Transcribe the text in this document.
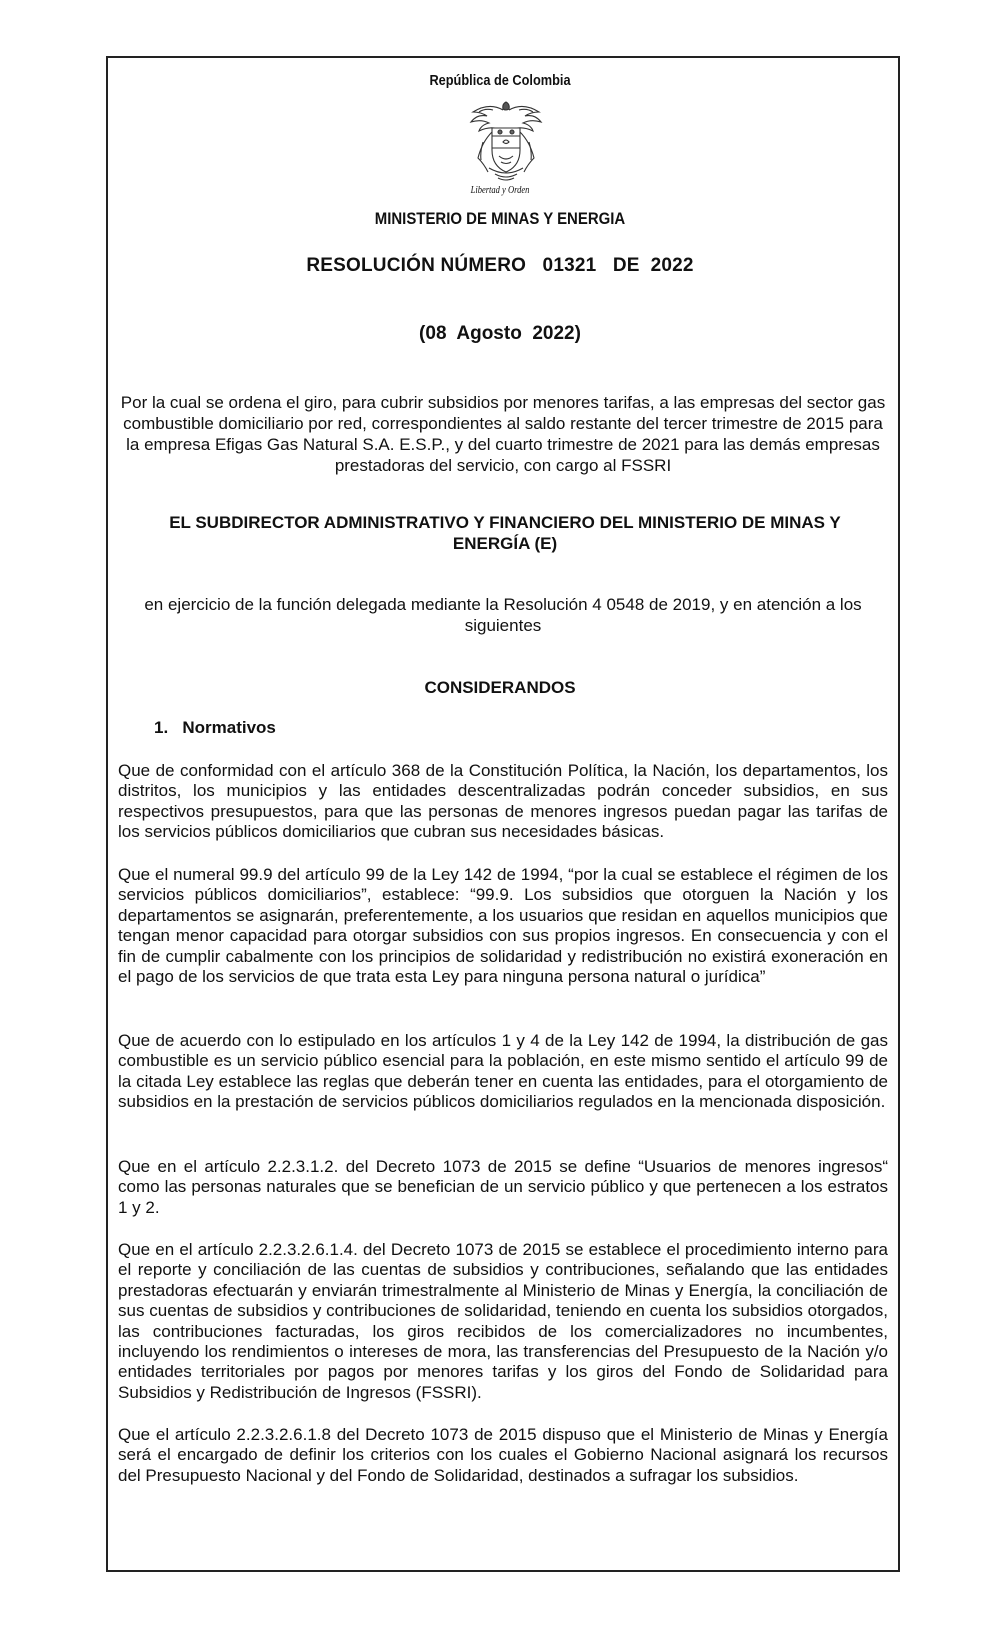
República de Colombia
Libertad y Orden
MINISTERIO DE MINAS Y ENERGIA
RESOLUCIÓN NÚMERO   01321   DE  2022
(08  Agosto  2022)
Por la cual se ordena el giro, para cubrir subsidios por menores tarifas, a las empresas del sector gas combustible domiciliario por red, correspondientes al saldo restante del tercer trimestre de 2015 para la empresa Efigas Gas Natural S.A. E.S.P., y del cuarto trimestre de 2021 para las demás empresas prestadoras del servicio, con cargo al FSSRI
EL SUBDIRECTOR ADMINISTRATIVO Y FINANCIERO DEL MINISTERIO DE MINAS Y ENERGÍA (E)
en ejercicio de la función delegada mediante la Resolución 4 0548 de 2019, y en atención a los siguientes
CONSIDERANDOS
1.   Normativos

Que de conformidad con el artículo 368 de la Constitución Política, la Nación, los departamentos, los distritos, los municipios y las entidades descentralizadas podrán conceder subsidios, en sus respectivos presupuestos, para que las personas de menores ingresos puedan pagar las tarifas de los servicios públicos domiciliarios que cubran sus necesidades básicas.

Que el numeral 99.9 del artículo 99 de la Ley 142 de 1994, “por la cual se establece el régimen de los servicios públicos domiciliarios”, establece: “99.9. Los subsidios que otorguen la Nación y los departamentos se asignarán, preferentemente, a los usuarios que residan en aquellos municipios que tengan menor capacidad para otorgar subsidios con sus propios ingresos. En consecuencia y con el fin de cumplir cabalmente con los principios de solidaridad y redistribución no existirá exoneración en el pago de los servicios de que trata esta Ley para ninguna persona natural o jurídica”

Que de acuerdo con lo estipulado en los artículos 1 y 4 de la Ley 142 de 1994, la distribución de gas combustible es un servicio público esencial para la población, en este mismo sentido el artículo 99 de la citada Ley establece las reglas que deberán tener en cuenta las entidades, para el otorgamiento de subsidios en la prestación de servicios públicos domiciliarios regulados en la mencionada disposición.

Que en el artículo 2.2.3.1.2. del Decreto 1073 de 2015 se define “Usuarios de menores ingresos“ como las personas naturales que se benefician de un servicio público y que pertenecen a los estratos 1 y 2.

Que en el artículo 2.2.3.2.6.1.4. del Decreto 1073 de 2015 se establece el procedimiento interno para el reporte y conciliación de las cuentas de subsidios y contribuciones, señalando que las entidades prestadoras efectuarán y enviarán trimestralmente al Ministerio de Minas y Energía, la conciliación de sus cuentas de subsidios y contribuciones de solidaridad, teniendo en cuenta los subsidios otorgados, las contribuciones facturadas, los giros recibidos de los comercializadores no incumbentes, incluyendo los rendimientos o intereses de mora, las transferencias del Presupuesto de la Nación y/o entidades territoriales por pagos por menores tarifas y los giros del Fondo de Solidaridad para Subsidios y Redistribución de Ingresos (FSSRI).

Que el artículo 2.2.3.2.6.1.8 del Decreto 1073 de 2015 dispuso que el Ministerio de Minas y Energía será el encargado de definir los criterios con los cuales el Gobierno Nacional asignará los recursos del Presupuesto Nacional y del Fondo de Solidaridad, destinados a sufragar los subsidios.
